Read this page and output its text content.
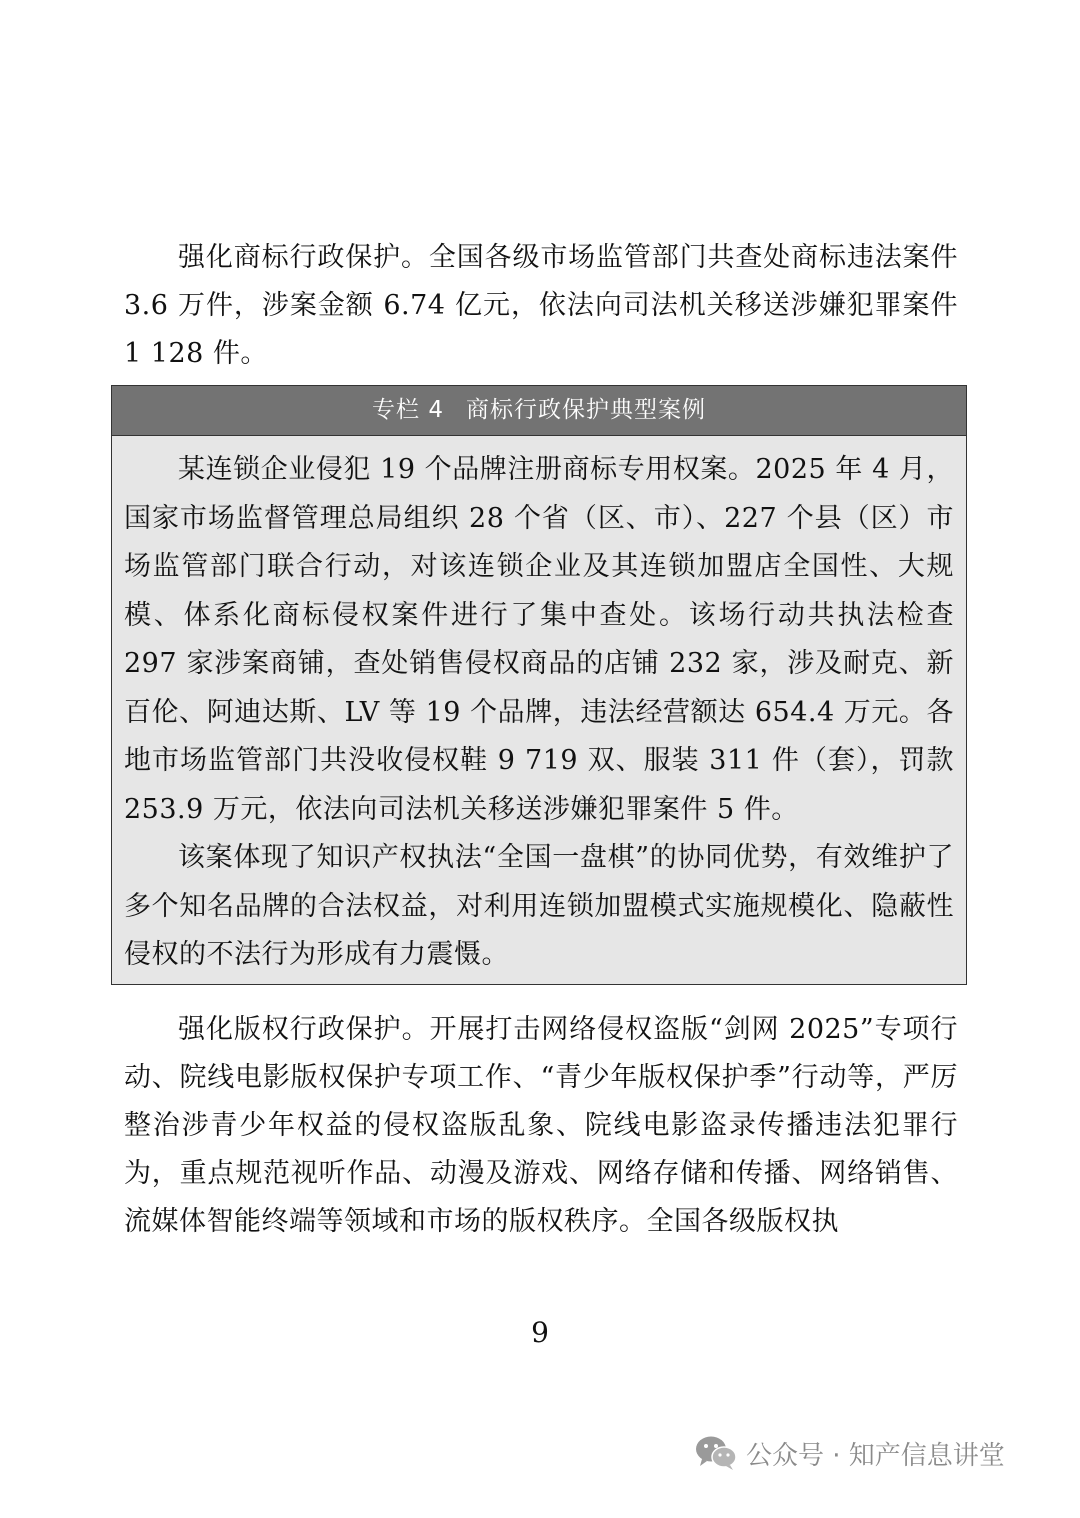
强化商标行政保护。全国各级市场监管部门共查处商标违法案件 3.6 万件，涉案金额 6.74 亿元，依法向司法机关移送涉嫌犯罪案件 1 128 件。

专栏 4 商标行政保护典型案例

某连锁企业侵犯 19 个品牌注册商标专用权案。2025 年 4 月，国家市场监督管理总局组织 28 个省（区、市）、227 个县（区）市场监管部门联合行动，对该连锁企业及其连锁加盟店全国性、大规模、体系化商标侵权案件进行了集中查处。该场行动共执法检查 297 家涉案商铺，查处销售侵权商品的店铺 232 家，涉及耐克、新百伦、阿迪达斯、LV 等 19 个品牌，违法经营额达 654.4 万元。各地市场监管部门共没收侵权鞋 9 719 双、服装 311 件（套），罚款 253.9 万元，依法向司法机关移送涉嫌犯罪案件 5 件。

该案体现了知识产权执法“全国一盘棋”的协同优势，有效维护了多个知名品牌的合法权益，对利用连锁加盟模式实施规模化、隐蔽性侵权的不法行为形成有力震慑。

强化版权行政保护。开展打击网络侵权盗版“剑网 2025”专项行动、院线电影版权保护专项工作、“青少年版权保护季”行动等，严厉整治涉青少年权益的侵权盗版乱象、院线电影盗录传播违法犯罪行为，重点规范视听作品、动漫及游戏、网络存储和传播、网络销售、流媒体智能终端等领域和市场的版权秩序。全国各级版权执

9
公众号 · 知产信息讲堂
